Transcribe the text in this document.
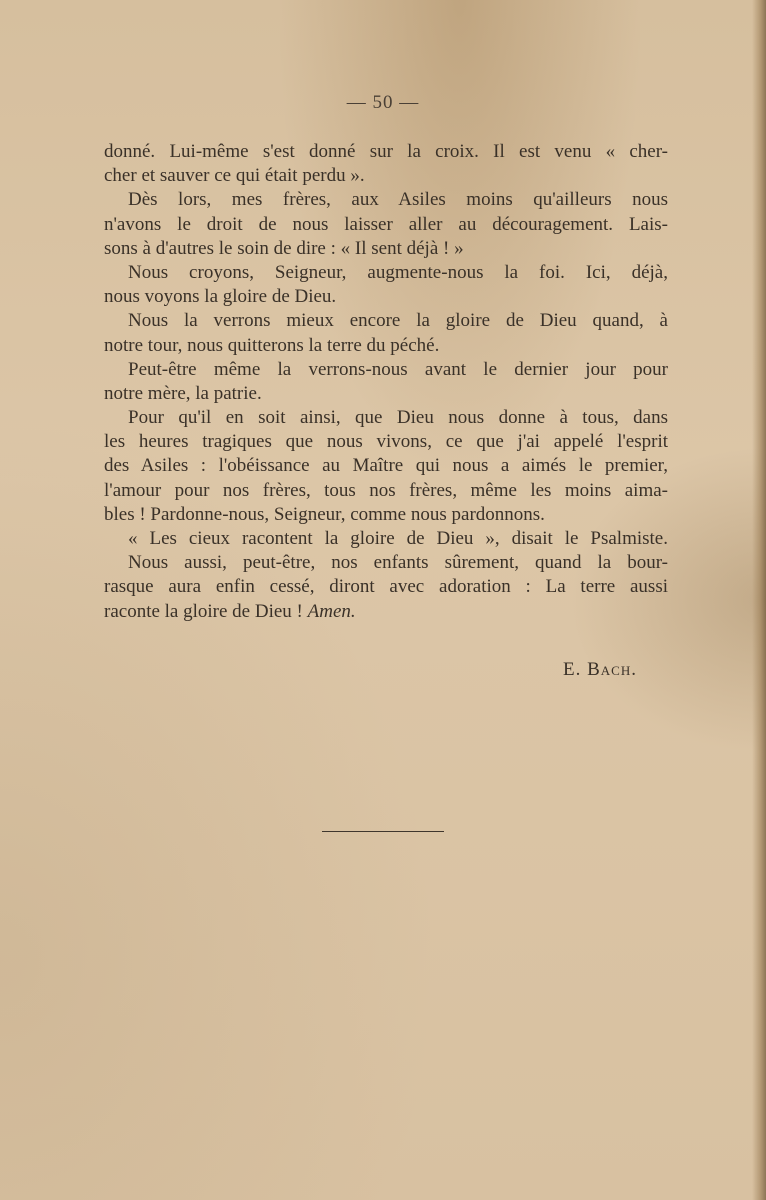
— 50 —
donné. Lui-même s'est donné sur la croix. Il est venu « cher-
cher et sauver ce qui était perdu ».
Dès lors, mes frères, aux Asiles moins qu'ailleurs nous
n'avons le droit de nous laisser aller au découragement. Lais-
sons à d'autres le soin de dire : « Il sent déjà ! »
Nous croyons, Seigneur, augmente-nous la foi. Ici, déjà,
nous voyons la gloire de Dieu.
Nous la verrons mieux encore la gloire de Dieu quand, à
notre tour, nous quitterons la terre du péché.
Peut-être même la verrons-nous avant le dernier jour pour
notre mère, la patrie.
Pour qu'il en soit ainsi, que Dieu nous donne à tous, dans
les heures tragiques que nous vivons, ce que j'ai appelé l'esprit
des Asiles : l'obéissance au Maître qui nous a aimés le premier,
l'amour pour nos frères, tous nos frères, même les moins aima-
bles ! Pardonne-nous, Seigneur, comme nous pardonnons.
« Les cieux racontent la gloire de Dieu », disait le Psalmiste.
Nous aussi, peut-être, nos enfants sûrement, quand la bour-
rasque aura enfin cessé, diront avec adoration : La terre aussi
raconte la gloire de Dieu ! Amen.
E. Bach.
